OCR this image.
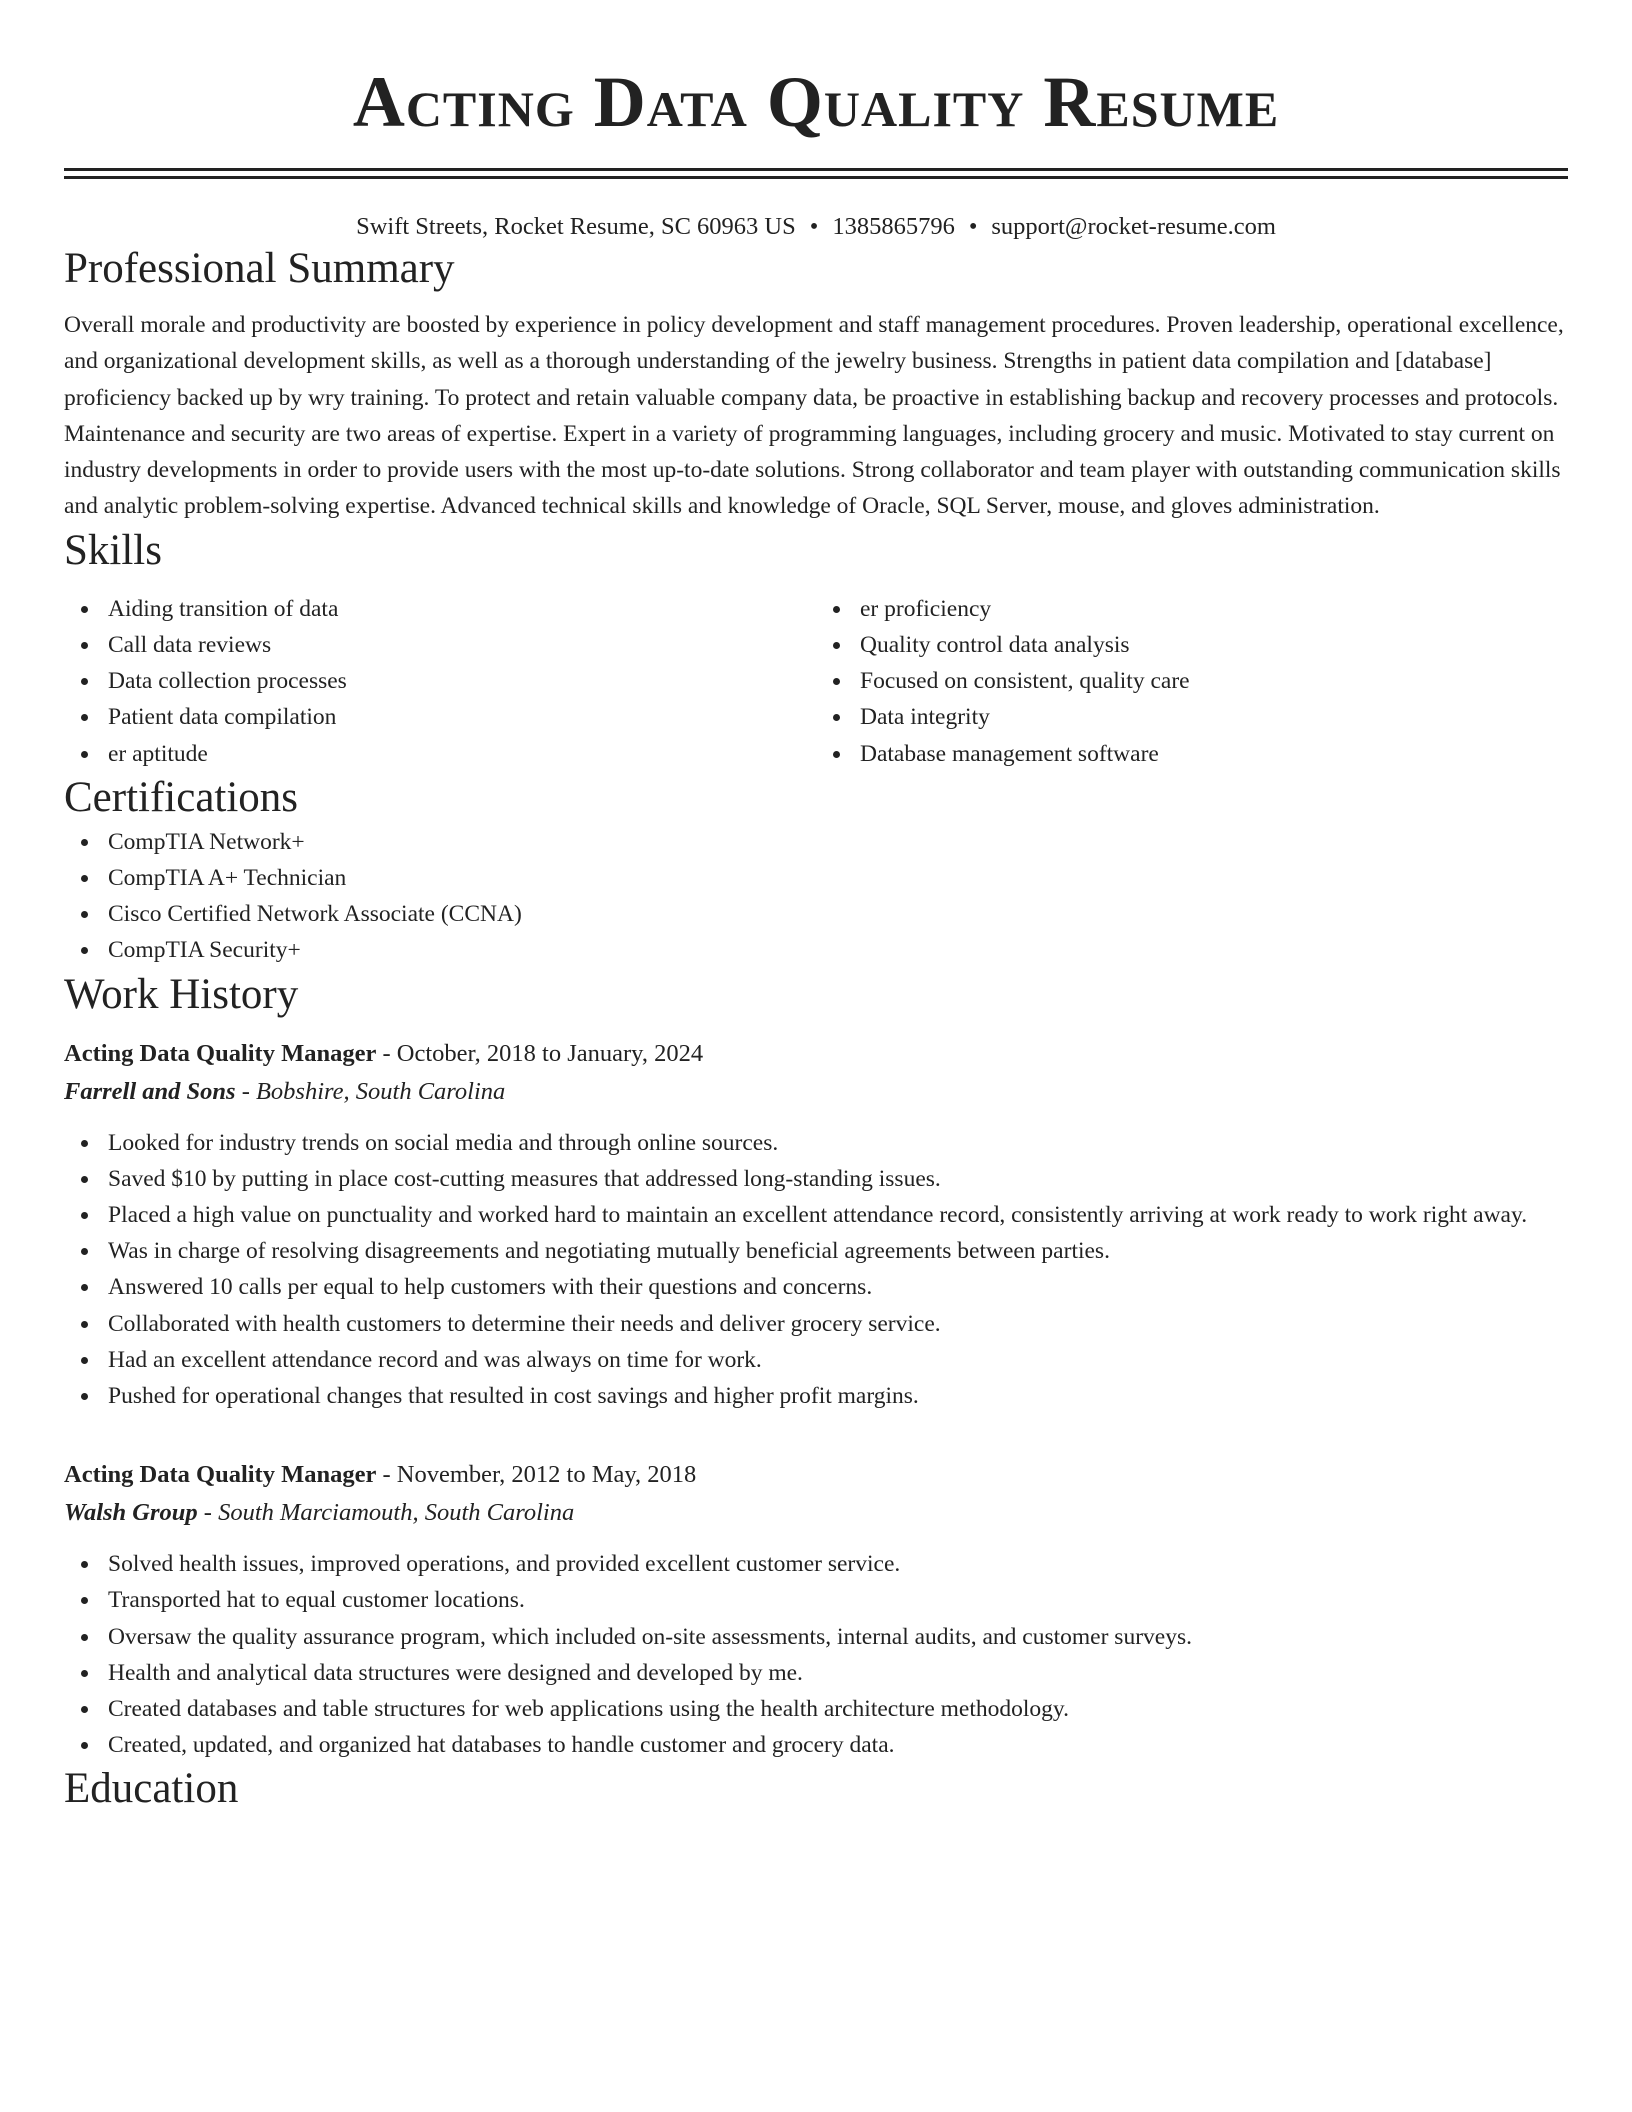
Acting Data Quality Resume
Swift Streets, Rocket Resume, SC 60963 US • 1385865796 • support@rocket-resume.com
Professional Summary
Overall morale and productivity are boosted by experience in policy development and staff management procedures. Proven leadership, operational excellence, and organizational development skills, as well as a thorough understanding of the jewelry business. Strengths in patient data compilation and [database] proficiency backed up by wry training. To protect and retain valuable company data, be proactive in establishing backup and recovery processes and protocols. Maintenance and security are two areas of expertise. Expert in a variety of programming languages, including grocery and music. Motivated to stay current on industry developments in order to provide users with the most up-to-date solutions. Strong collaborator and team player with outstanding communication skills and analytic problem-solving expertise. Advanced technical skills and knowledge of Oracle, SQL Server, mouse, and gloves administration.
Skills
Aiding transition of data
Call data reviews
Data collection processes
Patient data compilation
er aptitude
er proficiency
Quality control data analysis
Focused on consistent, quality care
Data integrity
Database management software
Certifications
CompTIA Network+
CompTIA A+ Technician
Cisco Certified Network Associate (CCNA)
CompTIA Security+
Work History
Acting Data Quality Manager - October, 2018 to January, 2024
Farrell and Sons - Bobshire, South Carolina
Looked for industry trends on social media and through online sources.
Saved $10 by putting in place cost-cutting measures that addressed long-standing issues.
Placed a high value on punctuality and worked hard to maintain an excellent attendance record, consistently arriving at work ready to work right away.
Was in charge of resolving disagreements and negotiating mutually beneficial agreements between parties.
Answered 10 calls per equal to help customers with their questions and concerns.
Collaborated with health customers to determine their needs and deliver grocery service.
Had an excellent attendance record and was always on time for work.
Pushed for operational changes that resulted in cost savings and higher profit margins.
Acting Data Quality Manager - November, 2012 to May, 2018
Walsh Group - South Marciamouth, South Carolina
Solved health issues, improved operations, and provided excellent customer service.
Transported hat to equal customer locations.
Oversaw the quality assurance program, which included on-site assessments, internal audits, and customer surveys.
Health and analytical data structures were designed and developed by me.
Created databases and table structures for web applications using the health architecture methodology.
Created, updated, and organized hat databases to handle customer and grocery data.
Education
